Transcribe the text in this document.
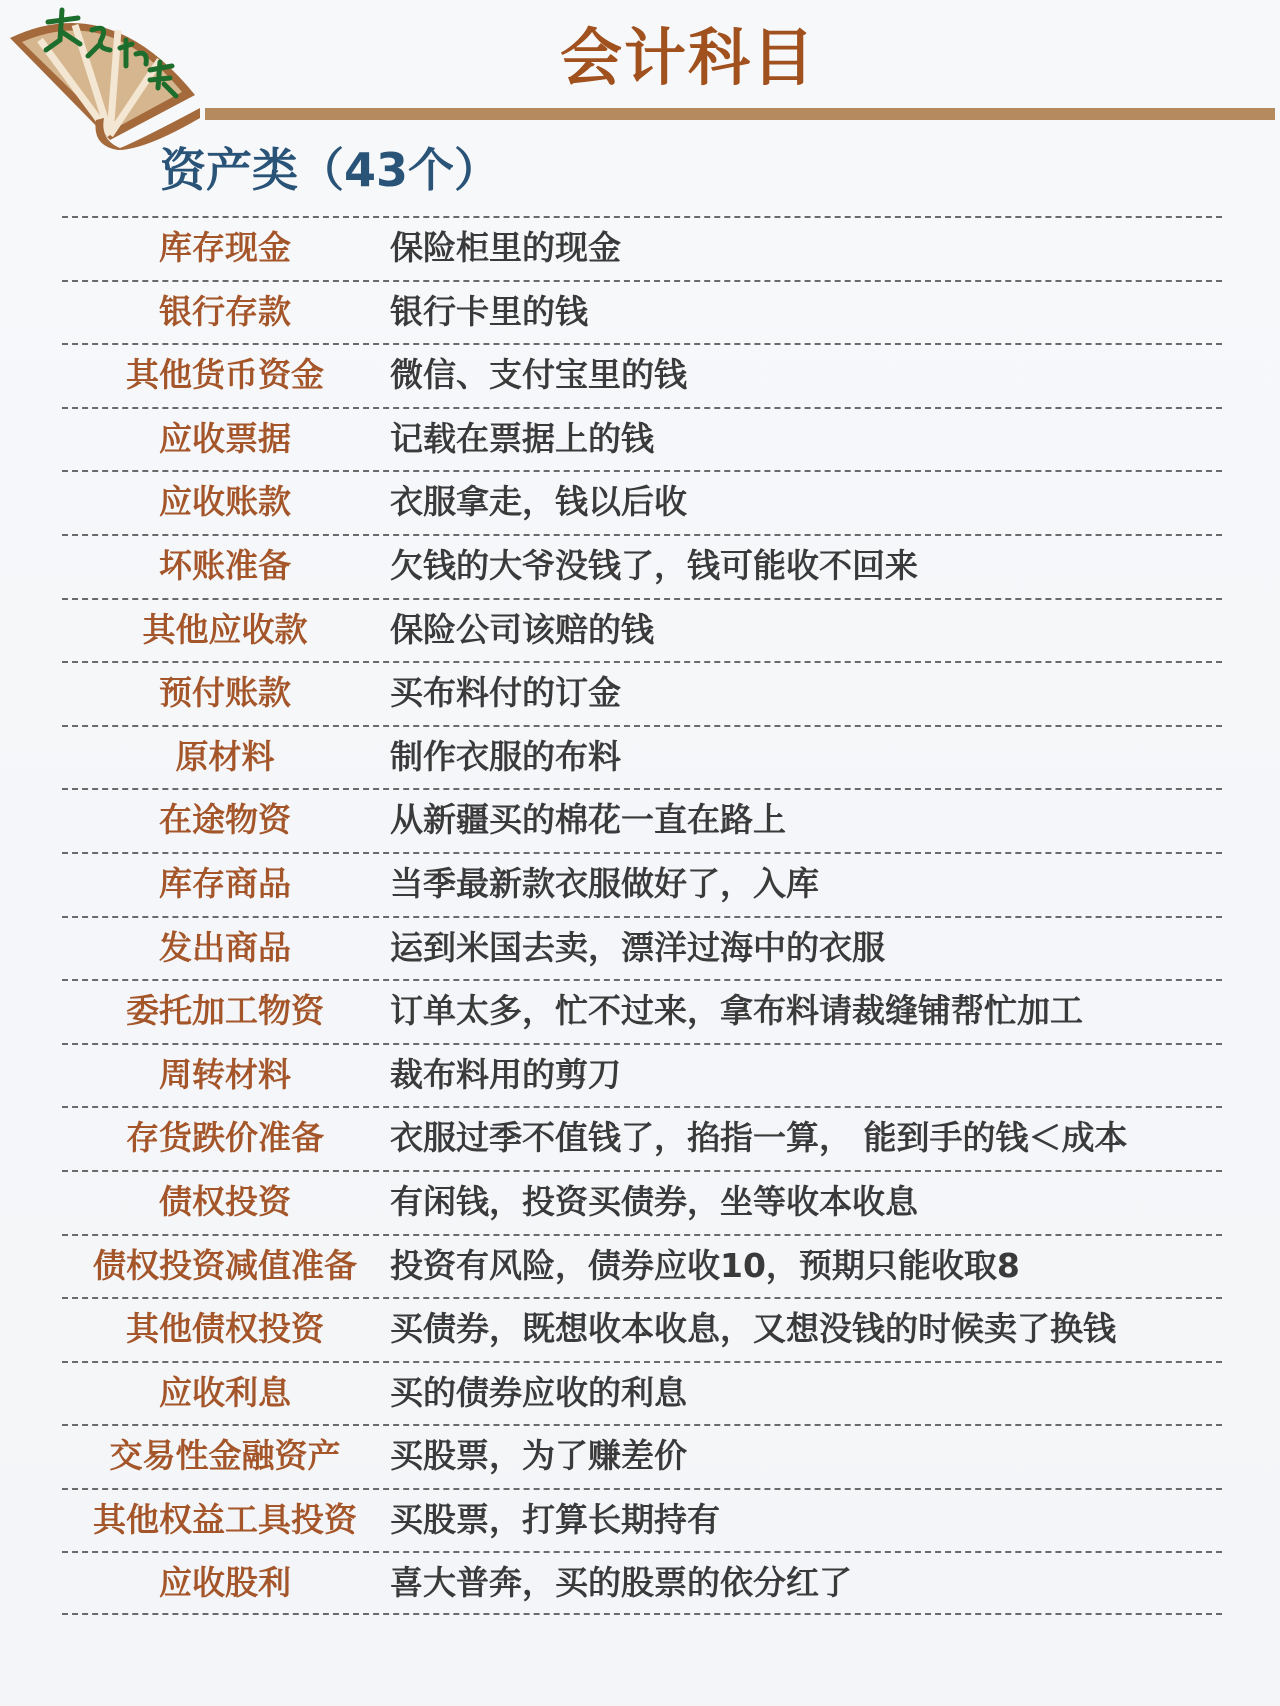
会计科目
资产类（43个）
库存现金	保险柜里的现金
银行存款	银行卡里的钱
其他货币资金	微信、支付宝里的钱
应收票据	记载在票据上的钱
应收账款	衣服拿走，钱以后收
坏账准备	欠钱的大爷没钱了，钱可能收不回来
其他应收款	保险公司该赔的钱
预付账款	买布料付的订金
原材料	制作衣服的布料
在途物资	从新疆买的棉花一直在路上
库存商品	当季最新款衣服做好了，入库
发出商品	运到米国去卖，漂洋过海中的衣服
委托加工物资	订单太多，忙不过来，拿布料请裁缝铺帮忙加工
周转材料	裁布料用的剪刀
存货跌价准备	衣服过季不值钱了，掐指一算， 能到手的钱＜成本
债权投资	有闲钱，投资买债券，坐等收本收息
债权投资减值准备	投资有风险，债券应收10，预期只能收取8
其他债权投资	买债券，既想收本收息，又想没钱的时候卖了换钱
应收利息	买的债券应收的利息
交易性金融资产	买股票，为了赚差价
其他权益工具投资	买股票，打算长期持有
应收股利	喜大普奔，买的股票的依分红了
